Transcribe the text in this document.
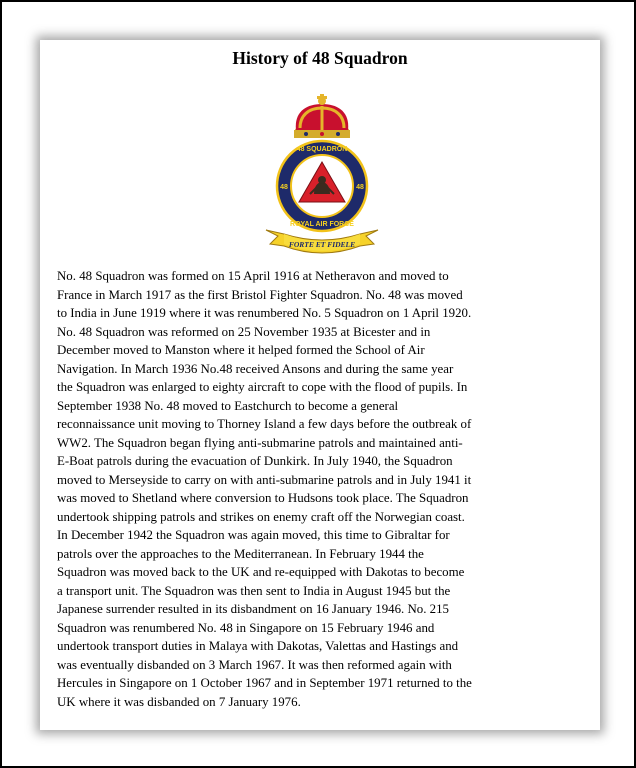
History of 48 Squadron
48 SQUADRON
ROYAL AIR FORCE
48	48
FORTE ET FIDELE

No. 48 Squadron was formed on 15 April 1916 at Netheravon and moved to
France in March 1917 as the first Bristol Fighter Squadron. No. 48 was moved
to India in June 1919 where it was renumbered No. 5 Squadron on 1 April 1920.
No. 48 Squadron was reformed on 25 November 1935 at Bicester and in
December moved to Manston where it helped formed the School of Air
Navigation. In March 1936 No.48 received Ansons and during the same year
the Squadron was enlarged to eighty aircraft to cope with the flood of pupils. In
September 1938 No. 48 moved to Eastchurch to become a general
reconnaissance unit moving to Thorney Island a few days before the outbreak of
WW2. The Squadron began flying anti-submarine patrols and maintained anti-
E-Boat patrols during the evacuation of Dunkirk. In July 1940, the Squadron
moved to Merseyside to carry on with anti-submarine patrols and in July 1941 it
was moved to Shetland where conversion to Hudsons took place. The Squadron
undertook shipping patrols and strikes on enemy craft off the Norwegian coast.
In December 1942 the Squadron was again moved, this time to Gibraltar for
patrols over the approaches to the Mediterranean. In February 1944 the
Squadron was moved back to the UK and re-equipped with Dakotas to become
a transport unit. The Squadron was then sent to India in August 1945 but the
Japanese surrender resulted in its disbandment on 16 January 1946. No. 215
Squadron was renumbered No. 48 in Singapore on 15 February 1946 and
undertook transport duties in Malaya with Dakotas, Valettas and Hastings and
was eventually disbanded on 3 March 1967. It was then reformed again with
Hercules in Singapore on 1 October 1967 and in September 1971 returned to the
UK where it was disbanded on 7 January 1976.
